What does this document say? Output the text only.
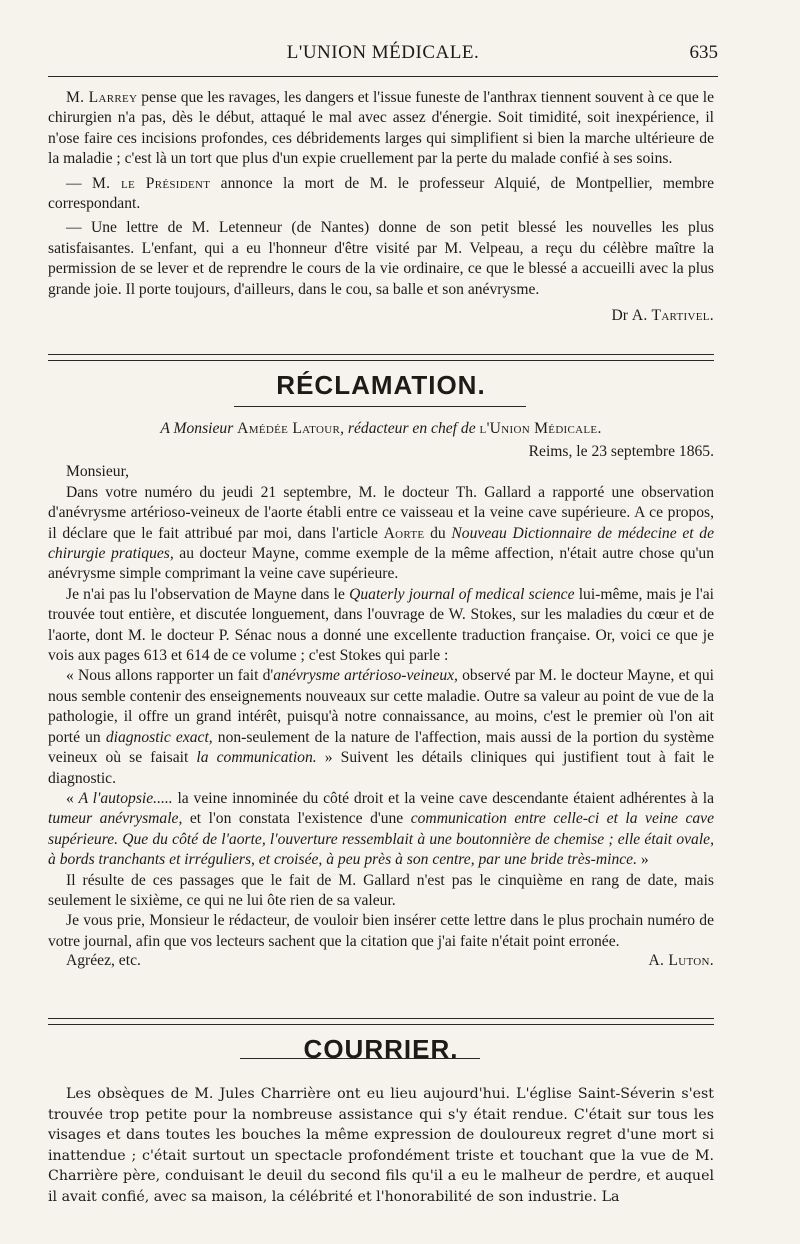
L'UNION MÉDICALE.	635

M. Larrey pense que les ravages, les dangers et l'issue funeste de l'anthrax tiennent souvent à ce que le chirurgien n'a pas, dès le début, attaqué le mal avec assez d'énergie. Soit timidité, soit inexpérience, il n'ose faire ces incisions profondes, ces débridements larges qui simplifient si bien la marche ultérieure de la maladie ; c'est là un tort que plus d'un expie cruellement par la perte du malade confié à ses soins.

— M. le Président annonce la mort de M. le professeur Alquié, de Montpellier, membre correspondant.

— Une lettre de M. Letenneur (de Nantes) donne de son petit blessé les nouvelles les plus satisfaisantes. L'enfant, qui a eu l'honneur d'être visité par M. Velpeau, a reçu du célèbre maître la permission de se lever et de reprendre le cours de la vie ordinaire, ce que le blessé a accueilli avec la plus grande joie. Il porte toujours, d'ailleurs, dans le cou, sa balle et son anévrysme.

Dr A. Tartivel.
RÉCLAMATION.
A Monsieur Amédée Latour, rédacteur en chef de l'Union Médicale.
Reims, le 23 septembre 1865.
Monsieur,

Dans votre numéro du jeudi 21 septembre, M. le docteur Th. Gallard a rapporté une observation d'anévrysme artérioso-veineux de l'aorte établi entre ce vaisseau et la veine cave supérieure. A ce propos, il déclare que le fait attribué par moi, dans l'article Aorte du Nouveau Dictionnaire de médecine et de chirurgie pratiques, au docteur Mayne, comme exemple de la même affection, n'était autre chose qu'un anévrysme simple comprimant la veine cave supérieure.

Je n'ai pas lu l'observation de Mayne dans le Quaterly journal of medical science lui-même, mais je l'ai trouvée tout entière, et discutée longuement, dans l'ouvrage de W. Stokes, sur les maladies du cœur et de l'aorte, dont M. le docteur P. Sénac nous a donné une excellente traduction française. Or, voici ce que je vois aux pages 613 et 614 de ce volume ; c'est Stokes qui parle :

« Nous allons rapporter un fait d'anévrysme artérioso-veineux, observé par M. le docteur Mayne, et qui nous semble contenir des enseignements nouveaux sur cette maladie. Outre sa valeur au point de vue de la pathologie, il offre un grand intérêt, puisqu'à notre connaissance, au moins, c'est le premier où l'on ait porté un diagnostic exact, non-seulement de la nature de l'affection, mais aussi de la portion du système veineux où se faisait la communication. » Suivent les détails cliniques qui justifient tout à fait le diagnostic.

« A l'autopsie..... la veine innominée du côté droit et la veine cave descendante étaient adhérentes à la tumeur anévrysmale, et l'on constata l'existence d'une communication entre celle-ci et la veine cave supérieure. Que du côté de l'aorte, l'ouverture ressemblait à une boutonnière de chemise ; elle était ovale, à bords tranchants et irréguliers, et croisée, à peu près à son centre, par une bride très-mince. »

Il résulte de ces passages que le fait de M. Gallard n'est pas le cinquième en rang de date, mais seulement le sixième, ce qui ne lui ôte rien de sa valeur.

Je vous prie, Monsieur le rédacteur, de vouloir bien insérer cette lettre dans le plus prochain numéro de votre journal, afin que vos lecteurs sachent que la citation que j'ai faite n'était point erronée.

Agréez, etc.	A. Luton.
COURRIER.

Les obsèques de M. Jules Charrière ont eu lieu aujourd'hui. L'église Saint-Séverin s'est trouvée trop petite pour la nombreuse assistance qui s'y était rendue. C'était sur tous les visages et dans toutes les bouches la même expression de douloureux regret d'une mort si inattendue ; c'était surtout un spectacle profondément triste et touchant que la vue de M. Charrière père, conduisant le deuil du second fils qu'il a eu le malheur de perdre, et auquel il avait confié, avec sa maison, la célébrité et l'honorabilité de son industrie. La
